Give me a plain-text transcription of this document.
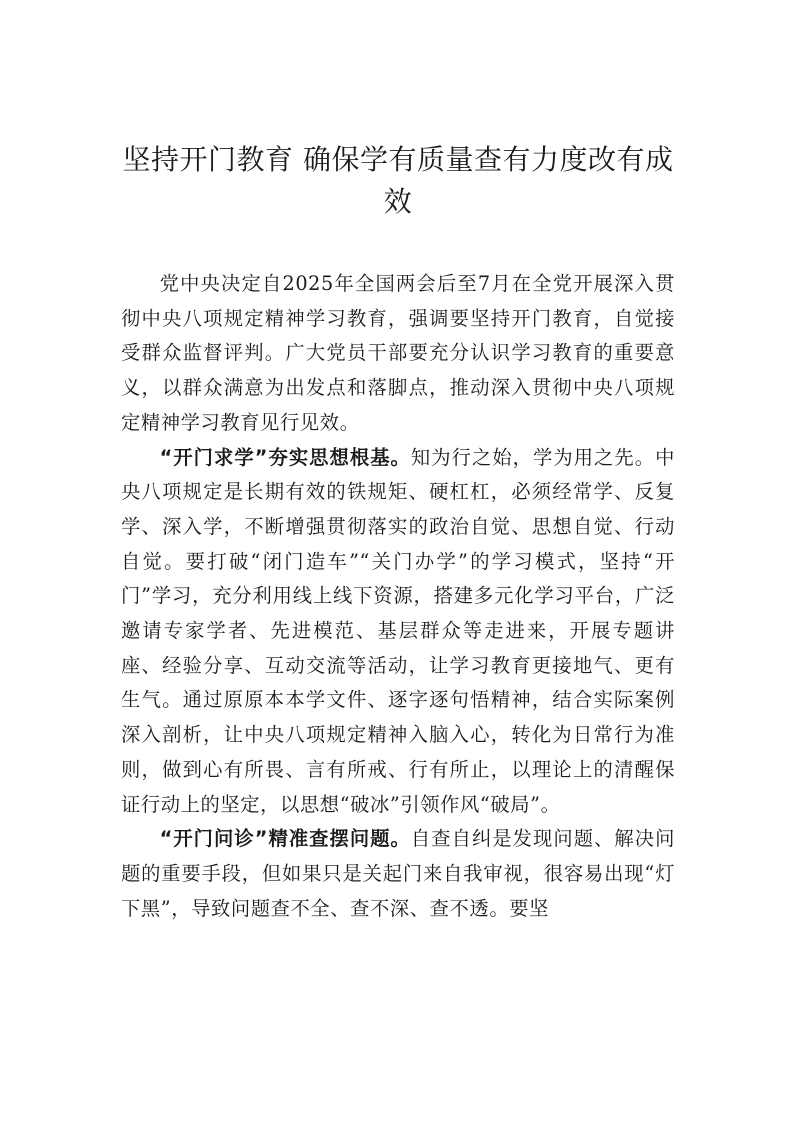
坚持开门教育 确保学有质量查有力度改有成效

党中央决定自2025年全国两会后至7月在全党开展深入贯彻中央八项规定精神学习教育，强调要坚持开门教育，自觉接受群众监督评判。广大党员干部要充分认识学习教育的重要意义，以群众满意为出发点和落脚点，推动深入贯彻中央八项规定精神学习教育见行见效。

“开门求学”夯实思想根基。知为行之始，学为用之先。中央八项规定是长期有效的铁规矩、硬杠杠，必须经常学、反复学、深入学，不断增强贯彻落实的政治自觉、思想自觉、行动自觉。要打破“闭门造车”“关门办学”的学习模式，坚持“开门”学习，充分利用线上线下资源，搭建多元化学习平台，广泛邀请专家学者、先进模范、基层群众等走进来，开展专题讲座、经验分享、互动交流等活动，让学习教育更接地气、更有生气。通过原原本本学文件、逐字逐句悟精神，结合实际案例深入剖析，让中央八项规定精神入脑入心，转化为日常行为准则，做到心有所畏、言有所戒、行有所止，以理论上的清醒保证行动上的坚定，以思想“破冰”引领作风“破局”。

“开门问诊”精准查摆问题。自查自纠是发现问题、解决问题的重要手段，但如果只是关起门来自我审视，很容易出现“灯下黑”，导致问题查不全、查不深、查不透。要坚
